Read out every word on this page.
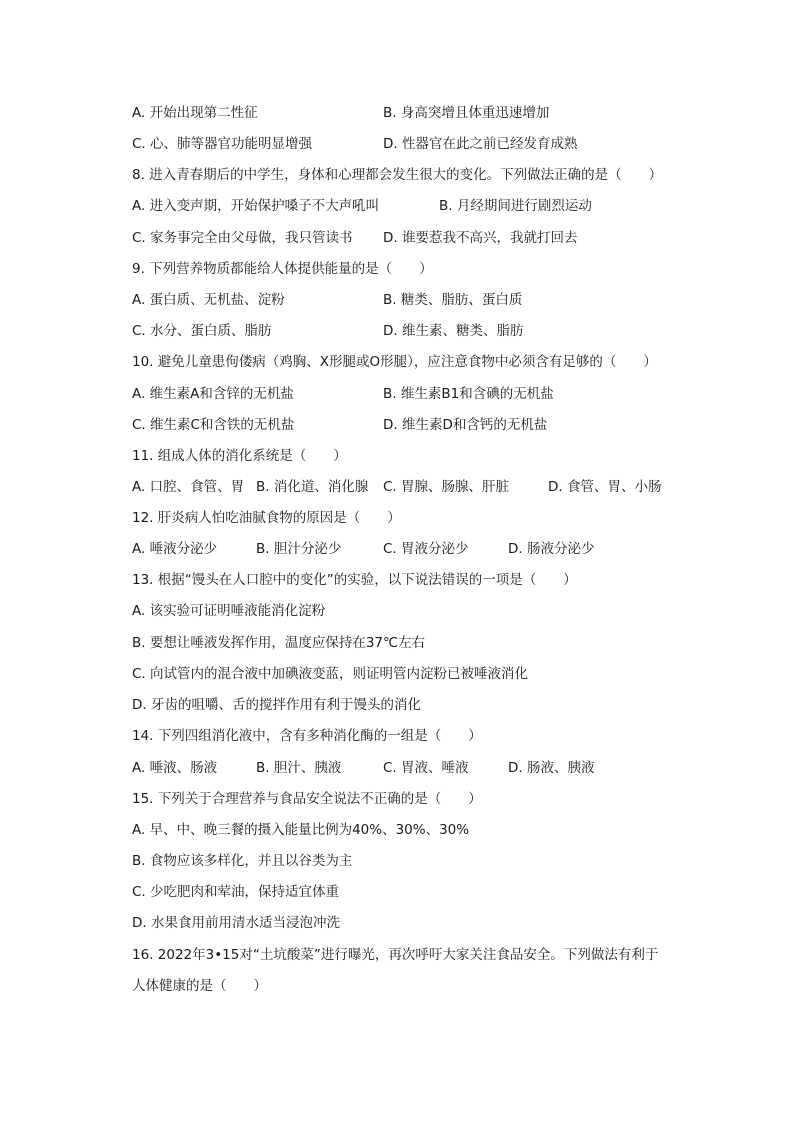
A. 开始出现第二性征	B. 身高突增且体重迅速增加
C. 心、肺等器官功能明显增强	D. 性器官在此之前已经发育成熟
8. 进入青春期后的中学生，身体和心理都会发生很大的变化。下列做法正确的是（　　）
A. 进入变声期，开始保护嗓子不大声吼叫	B. 月经期间进行剧烈运动
C. 家务事完全由父母做，我只管读书 D. 谁要惹我不高兴，我就打回去
9. 下列营养物质都能给人体提供能量的是（　　）
A. 蛋白质、无机盐、淀粉	B. 糖类、脂肪、蛋白质
C. 水分、蛋白质、脂肪	D. 维生素、糖类、脂肪
10. 避免儿童患佝偻病（鸡胸、X形腿或O形腿），应注意食物中必须含有足够的（　　）
A. 维生素A和含锌的无机盐	B. 维生素B1和含碘的无机盐
C. 维生素C和含铁的无机盐	D. 维生素D和含钙的无机盐
11. 组成人体的消化系统是（　　）
A. 口腔、食管、胃 B. 消化道、消化腺 C. 胃腺、肠腺、肝脏	D. 食管、胃、小肠
12. 肝炎病人怕吃油腻食物的原因是（　　）
A. 唾液分泌少	B. 胆汁分泌少	C. 胃液分泌少	D. 肠液分泌少
13. 根据“馒头在人口腔中的变化”的实验，以下说法错误的一项是（　　）
A. 该实验可证明唾液能消化淀粉
B. 要想让唾液发挥作用，温度应保持在37℃左右
C. 向试管内的混合液中加碘液变蓝，则证明管内淀粉已被唾液消化
D. 牙齿的咀嚼、舌的搅拌作用有利于馒头的消化
14. 下列四组消化液中，含有多种消化酶的一组是（　　）
A. 唾液、肠液	B. 胆汁、胰液	C. 胃液、唾液	D. 肠液、胰液
15. 下列关于合理营养与食品安全说法不正确的是（　　）
A. 早、中、晚三餐的摄入能量比例为40%、30%、30%
B. 食物应该多样化，并且以谷类为主
C. 少吃肥肉和荤油，保持适宜体重
D. 水果食用前用清水适当浸泡冲洗
16. 2022年3•15对“土坑酸菜”进行曝光，再次呼吁大家关注食品安全。下列做法有利于
人体健康的是（　　）
